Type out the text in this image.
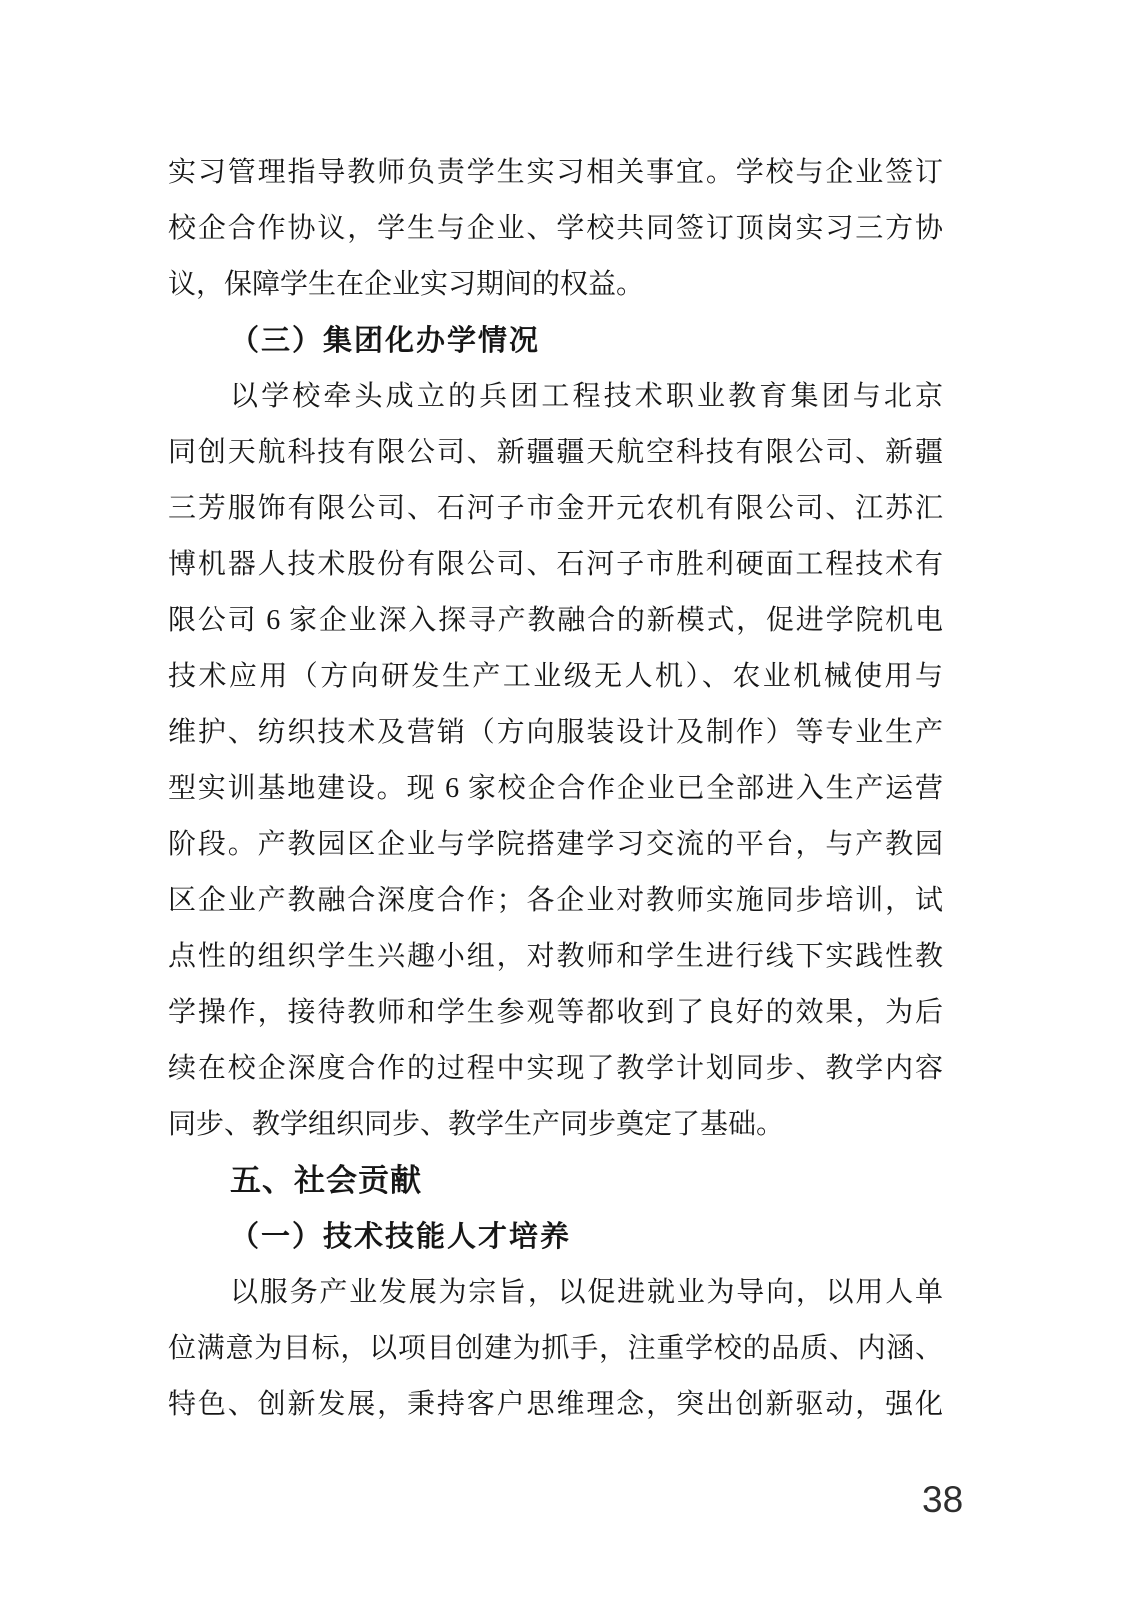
实习管理指导教师负责学生实习相关事宜。学校与企业签订
校企合作协议，学生与企业、学校共同签订顶岗实习三方协
议，保障学生在企业实习期间的权益。
（三）集团化办学情况
以学校牵头成立的兵团工程技术职业教育集团与北京
同创天航科技有限公司、新疆疆天航空科技有限公司、新疆
三芳服饰有限公司、石河子市金开元农机有限公司、江苏汇
博机器人技术股份有限公司、石河子市胜利硬面工程技术有
限公司 6 家企业深入探寻产教融合的新模式，促进学院机电
技术应用（方向研发生产工业级无人机）、农业机械使用与
维护、纺织技术及营销（方向服装设计及制作）等专业生产
型实训基地建设。现 6 家校企合作企业已全部进入生产运营
阶段。产教园区企业与学院搭建学习交流的平台，与产教园
区企业产教融合深度合作；各企业对教师实施同步培训，试
点性的组织学生兴趣小组，对教师和学生进行线下实践性教
学操作，接待教师和学生参观等都收到了良好的效果，为后
续在校企深度合作的过程中实现了教学计划同步、教学内容
同步、教学组织同步、教学生产同步奠定了基础。
五、社会贡献
（一）技术技能人才培养
以服务产业发展为宗旨，以促进就业为导向，以用人单
位满意为目标，以项目创建为抓手，注重学校的品质、内涵、
特色、创新发展，秉持客户思维理念，突出创新驱动，强化
38
